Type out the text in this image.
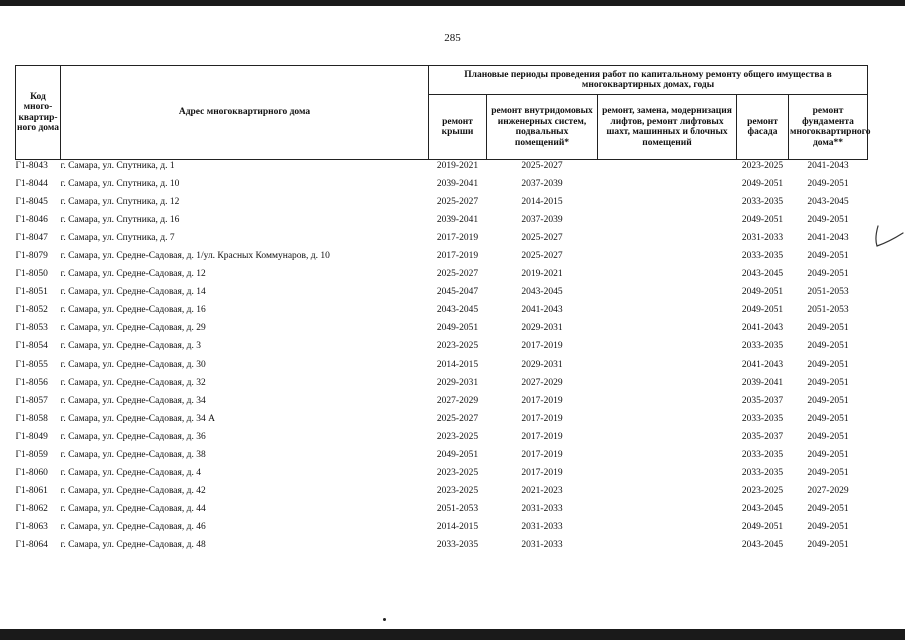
285
Код много-квартир-ного дома	Адрес многоквартирного дома	Плановые периоды проведения работ по капитальному ремонту общего имущества в многоквартирных домах, годы				
		ремонт крыши	ремонт внутридомовых инженерных систем, подвальных помещений*	ремонт, замена, модернизация лифтов, ремонт лифтовых шахт, машинных и блочных помещений	ремонт фасада	ремонт фундамента многоквартирного дома**
Г1-8043	г. Самара, ул. Спутника, д. 1	2019-2021	2025-2027		2023-2025	2041-2043
Г1-8044	г. Самара, ул. Спутника, д. 10	2039-2041	2037-2039		2049-2051	2049-2051
Г1-8045	г. Самара, ул. Спутника, д. 12	2025-2027	2014-2015		2033-2035	2043-2045
Г1-8046	г. Самара, ул. Спутника, д. 16	2039-2041	2037-2039		2049-2051	2049-2051
Г1-8047	г. Самара, ул. Спутника, д. 7	2017-2019	2025-2027		2031-2033	2041-2043
Г1-8079	г. Самара, ул. Средне-Садовая, д. 1/ул. Красных Коммунаров, д. 10	2017-2019	2025-2027		2033-2035	2049-2051
Г1-8050	г. Самара, ул. Средне-Садовая, д. 12	2025-2027	2019-2021		2043-2045	2049-2051
Г1-8051	г. Самара, ул. Средне-Садовая, д. 14	2045-2047	2043-2045		2049-2051	2051-2053
Г1-8052	г. Самара, ул. Средне-Садовая, д. 16	2043-2045	2041-2043		2049-2051	2051-2053
Г1-8053	г. Самара, ул. Средне-Садовая, д. 29	2049-2051	2029-2031		2041-2043	2049-2051
Г1-8054	г. Самара, ул. Средне-Садовая, д. 3	2023-2025	2017-2019		2033-2035	2049-2051
Г1-8055	г. Самара, ул. Средне-Садовая, д. 30	2014-2015	2029-2031		2041-2043	2049-2051
Г1-8056	г. Самара, ул. Средне-Садовая, д. 32	2029-2031	2027-2029		2039-2041	2049-2051
Г1-8057	г. Самара, ул. Средне-Садовая, д. 34	2027-2029	2017-2019		2035-2037	2049-2051
Г1-8058	г. Самара, ул. Средне-Садовая, д. 34 А	2025-2027	2017-2019		2033-2035	2049-2051
Г1-8049	г. Самара, ул. Средне-Садовая, д. 36	2023-2025	2017-2019		2035-2037	2049-2051
Г1-8059	г. Самара, ул. Средне-Садовая, д. 38	2049-2051	2017-2019		2033-2035	2049-2051
Г1-8060	г. Самара, ул. Средне-Садовая, д. 4	2023-2025	2017-2019		2033-2035	2049-2051
Г1-8061	г. Самара, ул. Средне-Садовая, д. 42	2023-2025	2021-2023		2023-2025	2027-2029
Г1-8062	г. Самара, ул. Средне-Садовая, д. 44	2051-2053	2031-2033		2043-2045	2049-2051
Г1-8063	г. Самара, ул. Средне-Садовая, д. 46	2014-2015	2031-2033		2049-2051	2049-2051
Г1-8064	г. Самара, ул. Средне-Садовая, д. 48	2033-2035	2031-2033		2043-2045	2049-2051
